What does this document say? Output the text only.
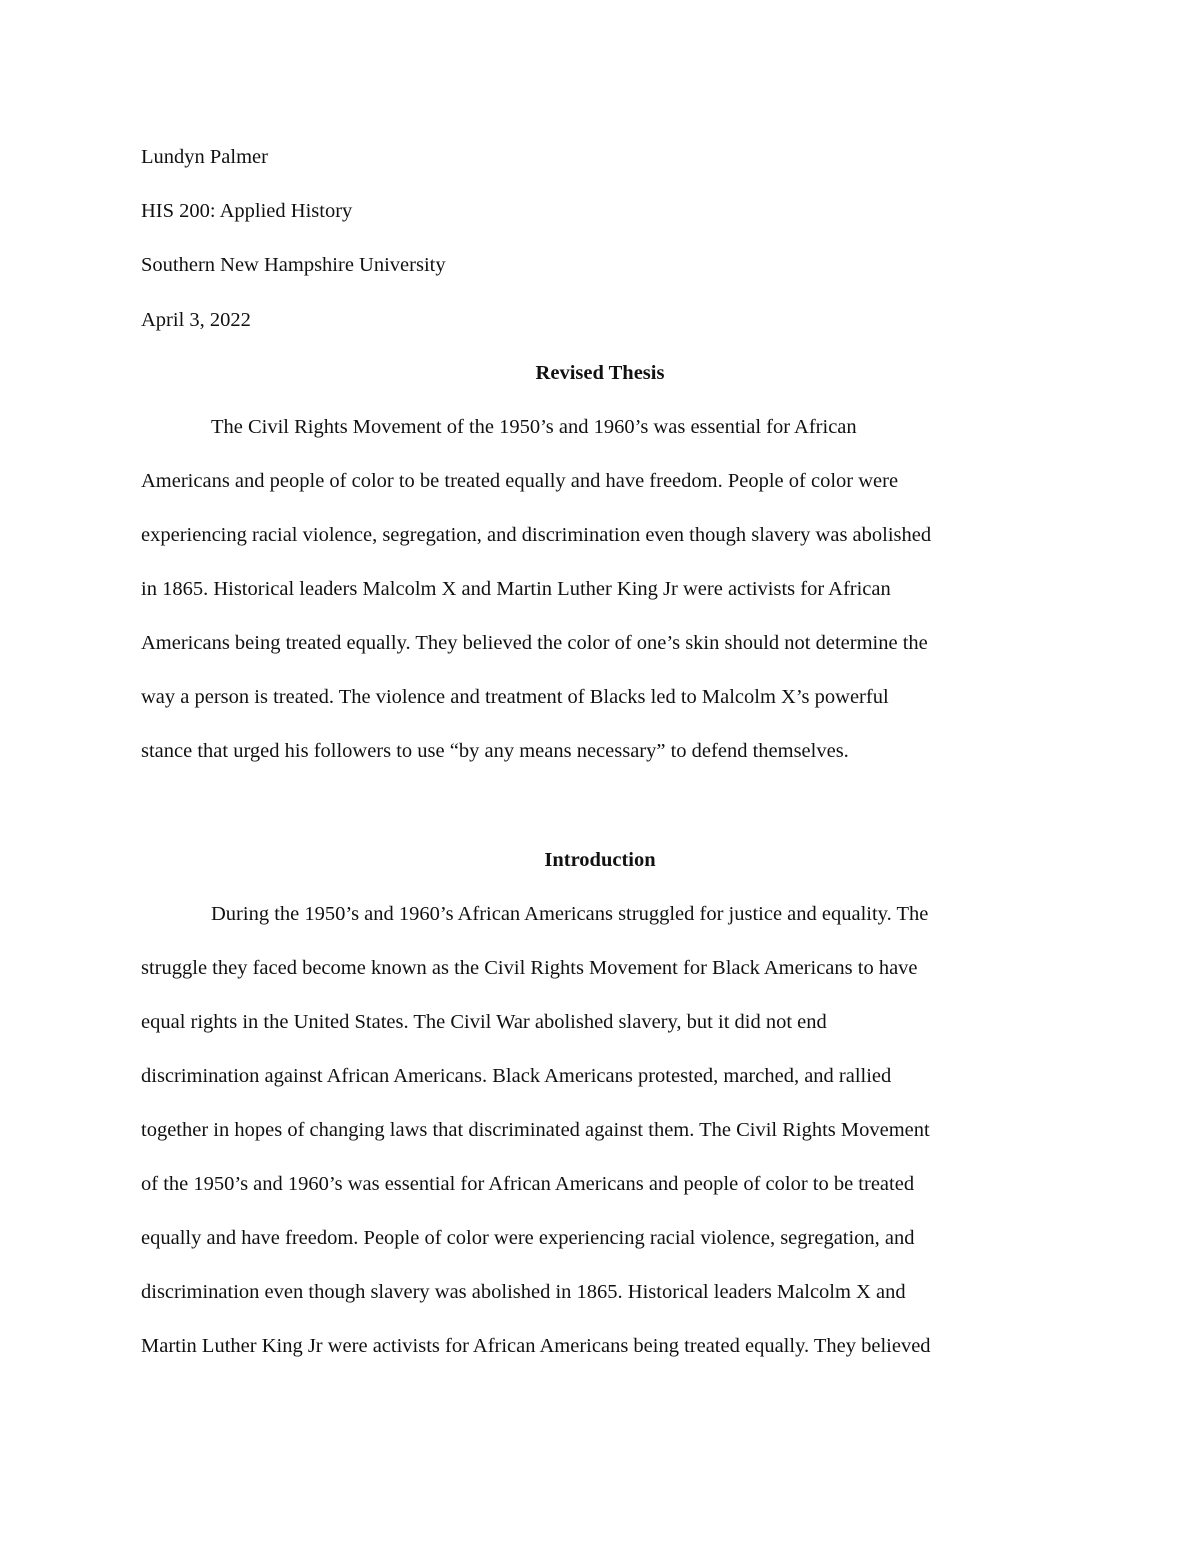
Lundyn Palmer
HIS 200: Applied History
Southern New Hampshire University
April 3, 2022
Revised Thesis
The Civil Rights Movement of the 1950’s and 1960’s was essential for African
Americans and people of color to be treated equally and have freedom. People of color were
experiencing racial violence, segregation, and discrimination even though slavery was abolished
in 1865. Historical leaders Malcolm X and Martin Luther King Jr were activists for African
Americans being treated equally. They believed the color of one’s skin should not determine the
way a person is treated. The violence and treatment of Blacks led to Malcolm X’s powerful
stance that urged his followers to use “by any means necessary” to defend themselves.
Introduction
During the 1950’s and 1960’s African Americans struggled for justice and equality. The
struggle they faced become known as the Civil Rights Movement for Black Americans to have
equal rights in the United States. The Civil War abolished slavery, but it did not end
discrimination against African Americans. Black Americans protested, marched, and rallied
together in hopes of changing laws that discriminated against them. The Civil Rights Movement
of the 1950’s and 1960’s was essential for African Americans and people of color to be treated
equally and have freedom. People of color were experiencing racial violence, segregation, and
discrimination even though slavery was abolished in 1865. Historical leaders Malcolm X and
Martin Luther King Jr were activists for African Americans being treated equally. They believed
